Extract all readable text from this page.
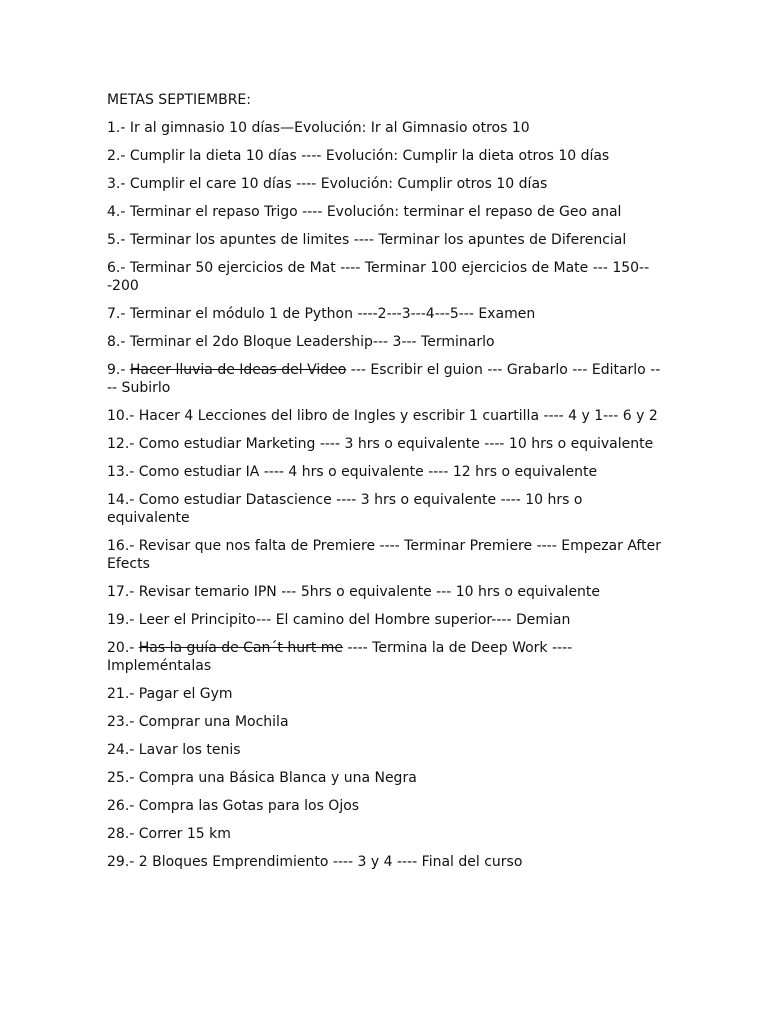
METAS SEPTIEMBRE:
1.- Ir al gimnasio 10 días—Evolución: Ir al Gimnasio otros 10
2.- Cumplir la dieta 10 días ---- Evolución: Cumplir la dieta otros 10 días
3.- Cumplir el care 10 días ---- Evolución: Cumplir otros 10 días
4.- Terminar el repaso Trigo ---- Evolución: terminar el repaso de Geo anal
5.- Terminar los apuntes de limites ---- Terminar los apuntes de Diferencial
6.- Terminar 50 ejercicios de Mat ---- Terminar 100 ejercicios de Mate --- 150---200
7.- Terminar el módulo 1 de Python ----2---3---4---5--- Examen
8.- Terminar el 2do Bloque Leadership--- 3--- Terminarlo
9.- Hacer lluvia de Ideas del Video --- Escribir el guion --- Grabarlo --- Editarlo ---- Subirlo
10.- Hacer 4 Lecciones del libro de Ingles y escribir 1 cuartilla ---- 4 y 1--- 6 y 2
12.- Como estudiar Marketing ---- 3 hrs o equivalente ---- 10 hrs o equivalente
13.- Como estudiar IA ---- 4 hrs o equivalente ---- 12 hrs o equivalente
14.- Como estudiar Datascience ---- 3 hrs o equivalente ---- 10 hrs o equivalente
16.- Revisar que nos falta de Premiere ---- Terminar Premiere ---- Empezar After Efects
17.- Revisar temario IPN --- 5hrs o equivalente --- 10 hrs o equivalente
19.- Leer el Principito--- El camino del Hombre superior---- Demian
20.- Has la guía de Can´t hurt me ---- Termina la de Deep Work ---- Impleméntalas
21.- Pagar el Gym
23.- Comprar una Mochila
24.- Lavar los tenis
25.- Compra una Básica Blanca y una Negra
26.- Compra las Gotas para los Ojos
28.- Correr 15 km
29.- 2 Bloques Emprendimiento ---- 3 y 4 ---- Final del curso
